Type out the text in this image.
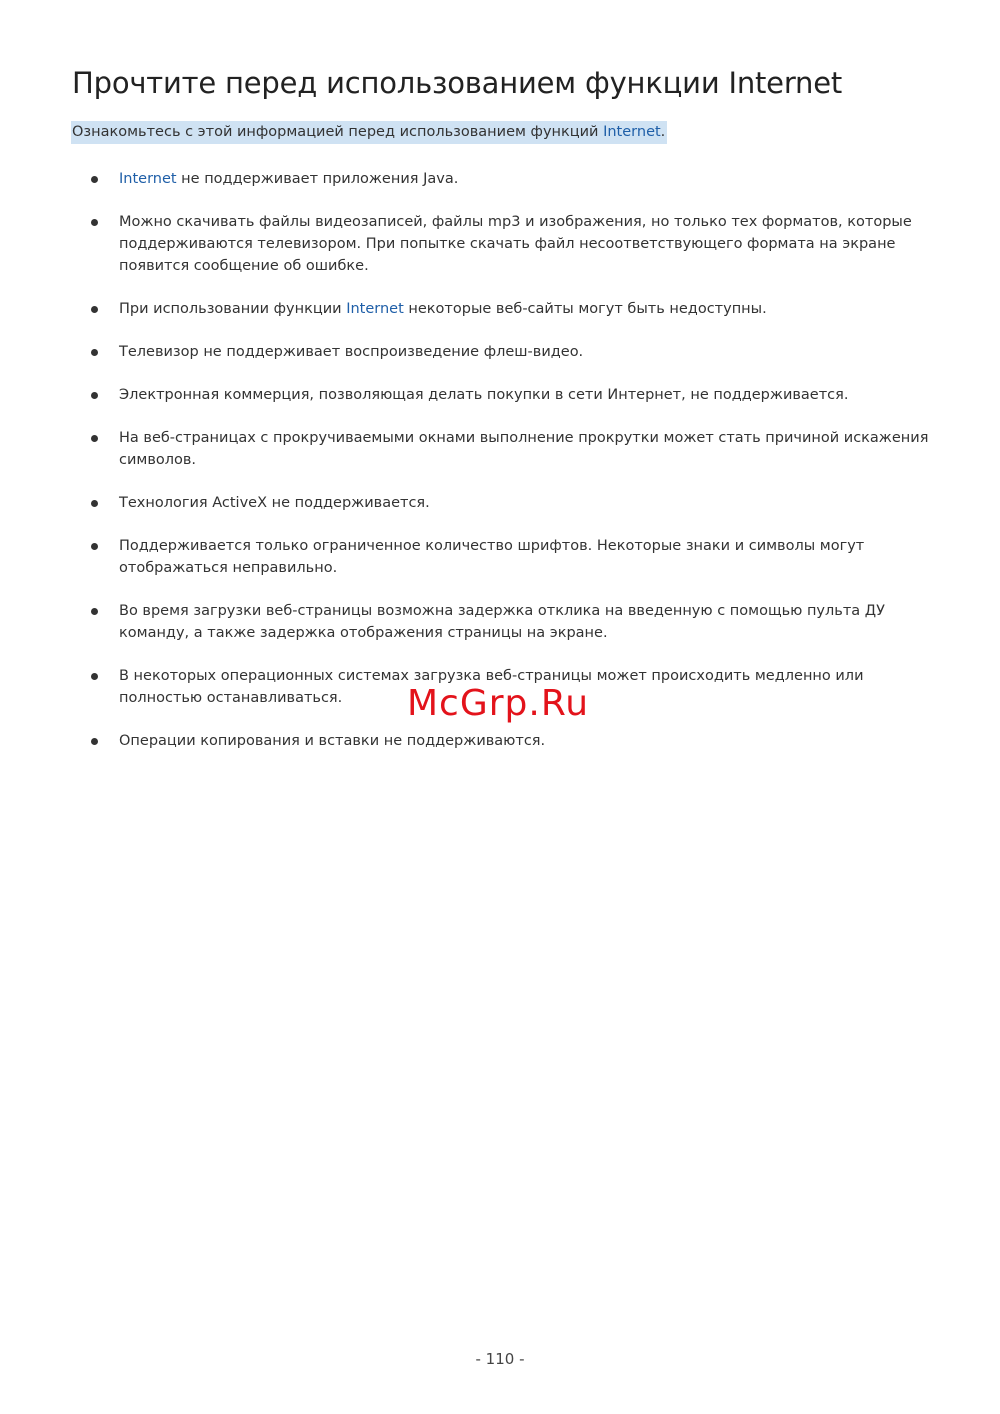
Прочтите перед использованием функции Internet
Ознакомьтесь с этой информацией перед использованием функций Internet.
Internet не поддерживает приложения Java.
Можно скачивать файлы видеозаписей, файлы mp3 и изображения, но только тех форматов, которые поддерживаются телевизором. При попытке скачать файл несоответствующего формата на экране появится сообщение об ошибке.
При использовании функции Internet некоторые веб-сайты могут быть недоступны.
Телевизор не поддерживает воспроизведение флеш-видео.
Электронная коммерция, позволяющая делать покупки в сети Интернет, не поддерживается.
На веб-страницах с прокручиваемыми окнами выполнение прокрутки может стать причиной искажения символов.
Технология ActiveX не поддерживается.
Поддерживается только ограниченное количество шрифтов. Некоторые знаки и символы могут отображаться неправильно.
Во время загрузки веб-страницы возможна задержка отклика на введенную с помощью пульта ДУ команду, а также задержка отображения страницы на экране.
В некоторых операционных системах загрузка веб-страницы может происходить медленно или полностью останавливаться.
Операции копирования и вставки не поддерживаются.
McGrp.Ru
- 110 -
